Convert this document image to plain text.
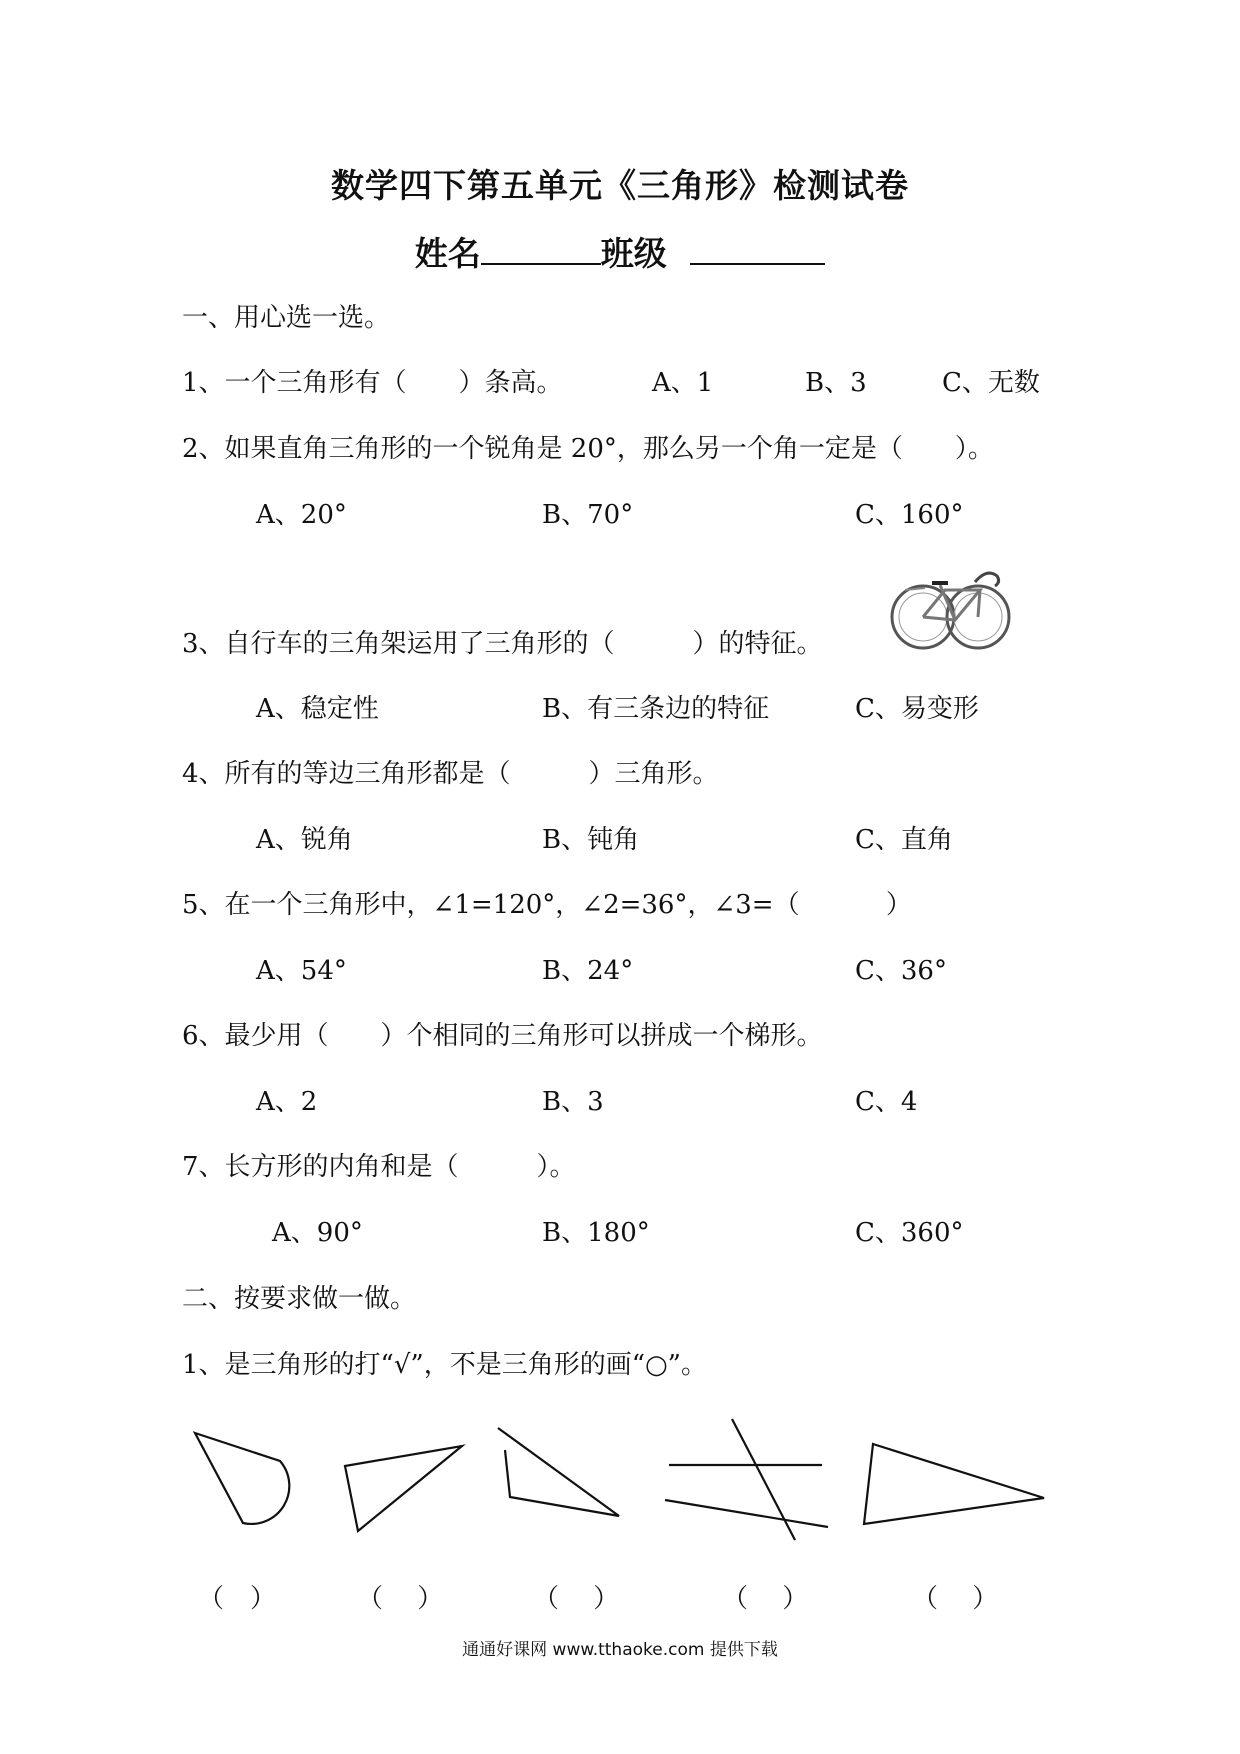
数学四下第五单元《三角形》检测试卷
姓名	班级
一、用心选一选。
1、一个三角形有（　　）条高。	A、1	B、3	C、无数
2、如果直角三角形的一个锐角是 20°，那么另一个角一定是（　　）。
A、20°	B、70°	C、160°
3、自行车的三角架运用了三角形的（　　　）的特征。
A、稳定性	B、有三条边的特征	C、易变形
4、所有的等边三角形都是（　　　）三角形。
A、锐角	B、钝角	C、直角
5、在一个三角形中，∠1=120°，∠2=36°，∠3=（　　　 ）
A、54°	B、24°	C、36°
6、最少用（　　）个相同的三角形可以拼成一个梯形。
A、2	B、3	C、4
7、长方形的内角和是（　　　）。
A、90°	B、180°	C、360°
二、按要求做一做。
1、是三角形的打“√”，不是三角形的画“○”。
（　）	（　 ）	（　 ）	（　 ）	（　 ）
通通好课网 www.tthaoke.com 提供下载
